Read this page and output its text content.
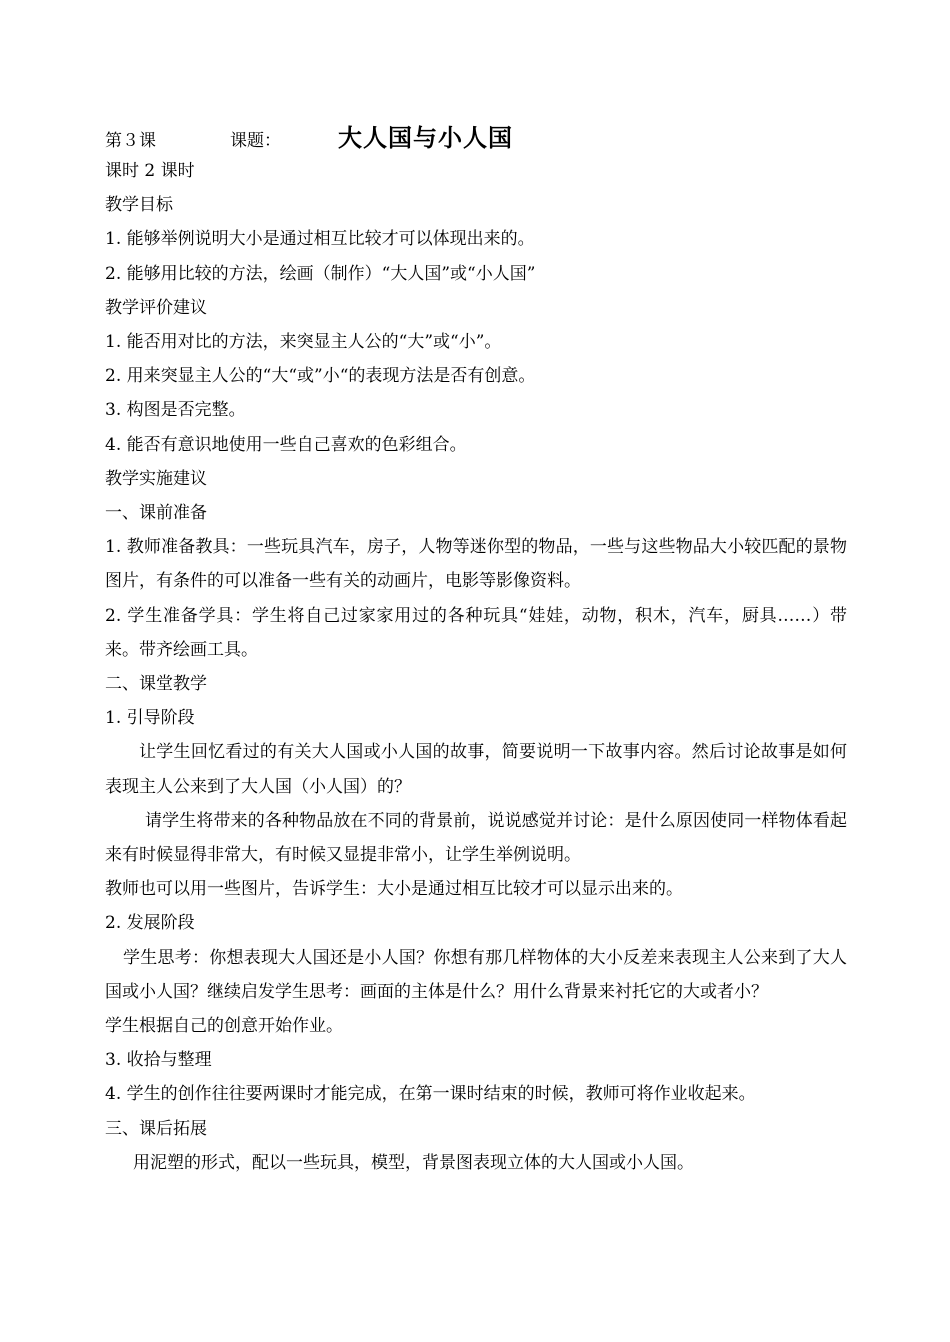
第３课	课题：	大人国与小人国

课时 2 课时

教学目标

1. 能够举例说明大小是通过相互比较才可以体现出来的。

2. 能够用比较的方法，绘画（制作）“大人国”或“小人国”

教学评价建议

1. 能否用对比的方法，来突显主人公的“大”或“小”。

2. 用来突显主人公的“大“或”小“的表现方法是否有创意。

3. 构图是否完整。

4. 能否有意识地使用一些自己喜欢的色彩组合。

教学实施建议

一、课前准备

1. 教师准备教具：一些玩具汽车，房子，人物等迷你型的物品，一些与这些物品大小较匹配的景物图片，有条件的可以准备一些有关的动画片，电影等影像资料。

2. 学生准备学具：学生将自己过家家用过的各种玩具“娃娃，动物，积木，汽车，厨具……）带来。带齐绘画工具。

二、课堂教学

1. 引导阶段

让学生回忆看过的有关大人国或小人国的故事，简要说明一下故事内容。然后讨论故事是如何表现主人公来到了大人国（小人国）的？

请学生将带来的各种物品放在不同的背景前，说说感觉并讨论：是什么原因使同一样物体看起来有时候显得非常大，有时候又显提非常小，让学生举例说明。

教师也可以用一些图片，告诉学生：大小是通过相互比较才可以显示出来的。

2. 发展阶段

学生思考：你想表现大人国还是小人国？你想有那几样物体的大小反差来表现主人公来到了大人国或小人国？继续启发学生思考：画面的主体是什么？用什么背景来衬托它的大或者小？

学生根据自己的创意开始作业。

3. 收拾与整理

4. 学生的创作往往要两课时才能完成，在第一课时结束的时候，教师可将作业收起来。

三、课后拓展

用泥塑的形式，配以一些玩具，模型，背景图表现立体的大人国或小人国。
